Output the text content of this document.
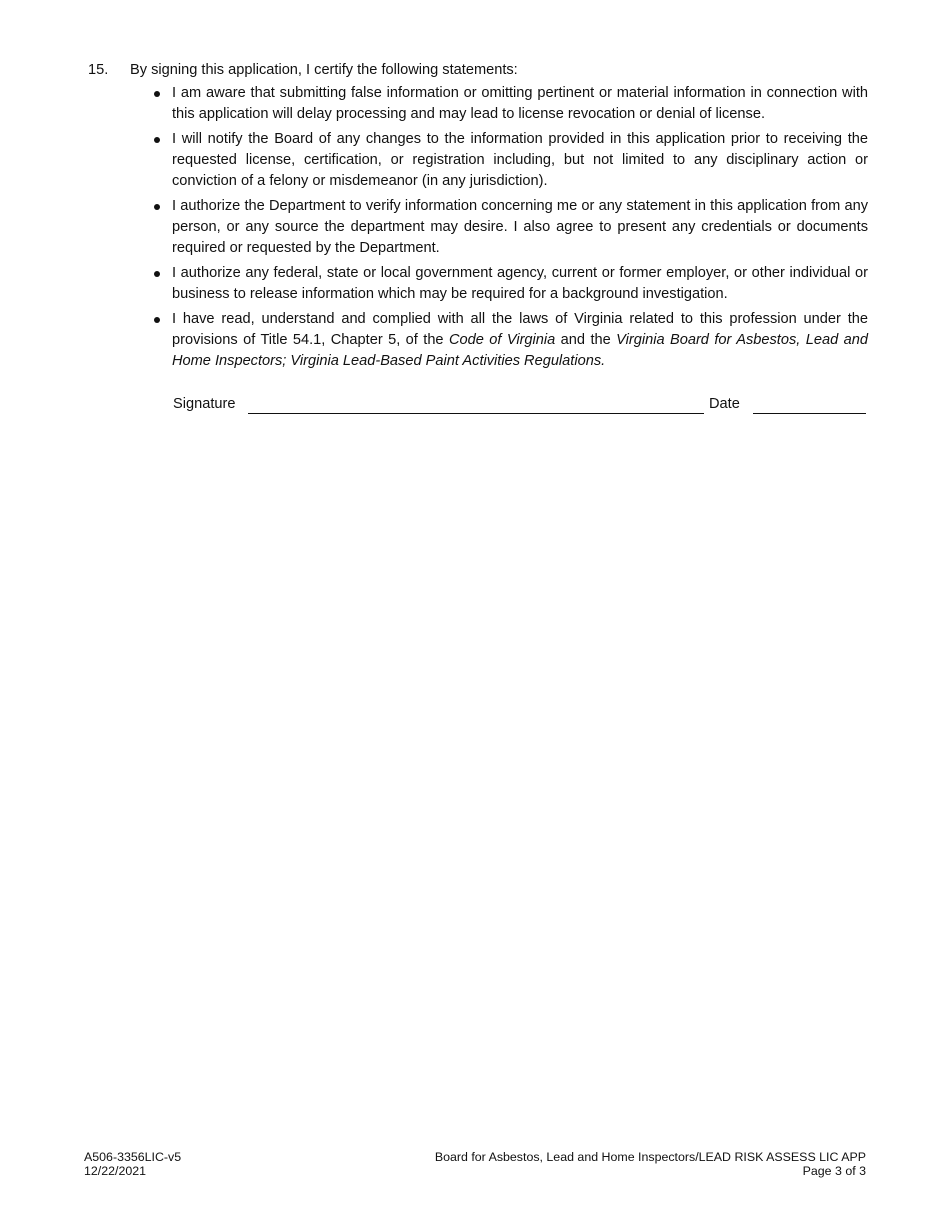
15. By signing this application, I certify the following statements:
I am aware that submitting false information or omitting pertinent or material information in connection with this application will delay processing and may lead to license revocation or denial of license.
I will notify the Board of any changes to the information provided in this application prior to receiving the requested license, certification, or registration including, but not limited to any disciplinary action or conviction of a felony or misdemeanor (in any jurisdiction).
I authorize the Department to verify information concerning me or any statement in this application from any person, or any source the department may desire. I also agree to present any credentials or documents required or requested by the Department.
I authorize any federal, state or local government agency, current or former employer, or other individual or business to release information which may be required for a background investigation.
I have read, understand and complied with all the laws of Virginia related to this profession under the provisions of Title 54.1, Chapter 5, of the Code of Virginia and the Virginia Board for Asbestos, Lead and Home Inspectors; Virginia Lead-Based Paint Activities Regulations.
Signature	Date
A506-3356LIC-v5
12/22/2021
Board for Asbestos, Lead and Home Inspectors/LEAD RISK ASSESS LIC APP
Page 3 of 3
